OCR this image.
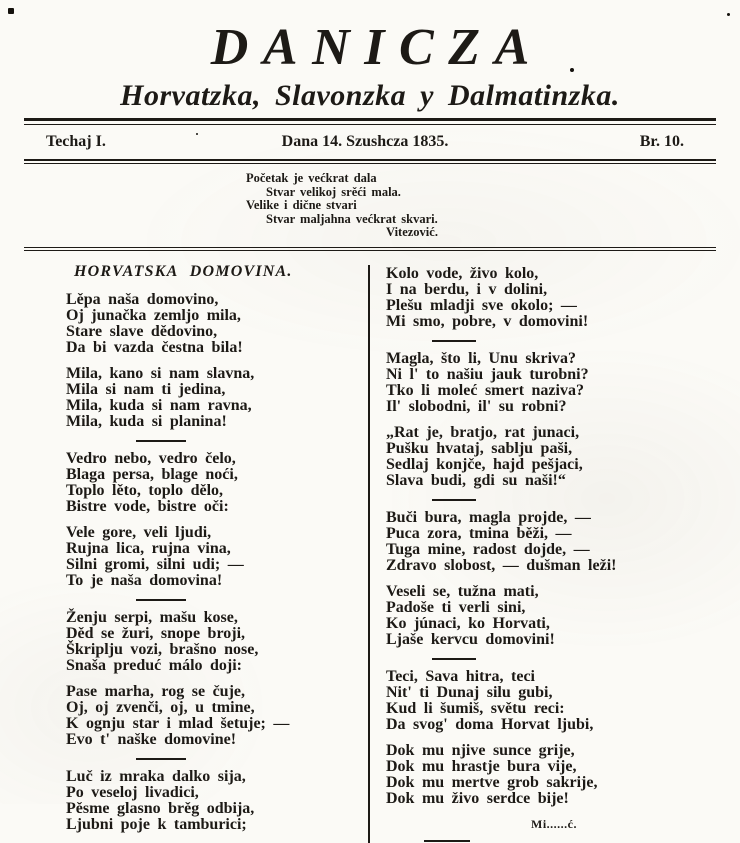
DANICZA
Horvatzka, Slavonzka y Dalmatinzka.
Techaj I.	Dana 14. Szushcza 1835.	Br. 10.
Početak je većkrat dala
Stvar velikoj srěći mala.
Velike i dične stvari
Stvar maljahna većkrat skvari.
Vitezović.
HORVATSKA DOMOVINA.
Lěpa naša domovino,
Oj junačka zemljo mila,
Stare slave dědovino,
Da bi vazda čestna bila!
Mila, kano si nam slavna,
Mila si nam ti jedina,
Mila, kuda si nam ravna,
Mila, kuda si planina!
Vedro nebo, vedro čelo,
Blaga persa, blage noći,
Toplo lěto, toplo dělo,
Bistre vode, bistre oči:
Vele gore, veli ljudi,
Rujna lica, rujna vina,
Silni gromi, silni udi; —
To je naša domovina!
Ženju serpi, mašu kose,
Děd se žuri, snope broji,
Škriplju vozi, brašno nose,
Snaša preduć málo doji:
Pase marha, rog se čuje,
Oj, oj zvenči, oj, u tmine,
K ognju star i mlad šetuje; —
Evo t' naške domovine!
Luč iz mraka dalko sija,
Po veseloj livadici,
Pěsme glasno brěg odbija,
Ljubni poje k tamburici;
Kolo vode, živo kolo,
I na berdu, i v dolini,
Plešu mladji sve okolo; —
Mi smo, pobre, v domovini!
Magla, što li, Unu skriva?
Ni l' to našiu jauk turobni?
Tko li moleć smert naziva?
Il' slobodni, il' su robni?
„Rat je, bratjo, rat junaci,
Pušku hvataj, sablju paši,
Sedlaj konjče, hajd pešjaci,
Slava budi, gdi su naši!“
Buči bura, magla projde, —
Puca zora, tmina běži, —
Tuga mine, radost dojde, —
Zdravo slobost, — dušman leži!
Veseli se, tužna mati,
Padoše ti verli sini,
Ko júnaci, ko Horvati,
Ljaše kervcu domovini!
Teci, Sava hitra, teci
Nit' ti Dunaj silu gubi,
Kud li šumiš, světu reci:
Da svog' doma Horvat ljubi,
Dok mu njive sunce grije,
Dok mu hrastje bura vije,
Dok mu mertve grob sakrije,
Dok mu živo serdce bije!
Mi......ć.
